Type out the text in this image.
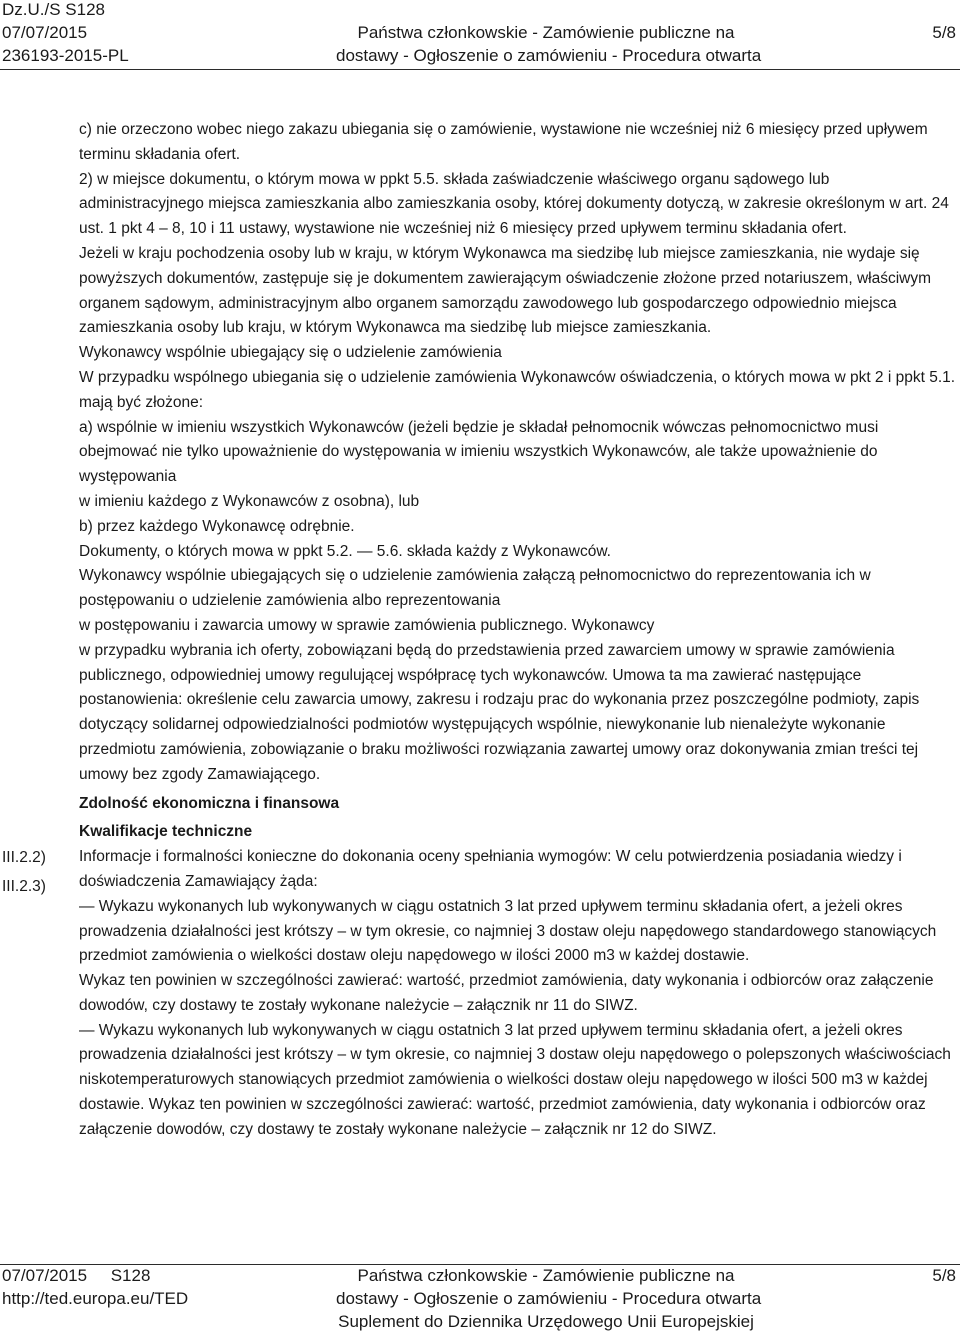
Dz.U./S S128
07/07/2015
236193-2015-PL
Państwa członkowskie - Zamówienie publiczne na
dostawy - Ogłoszenie o zamówieniu - Procedura otwarta
5/8
III.2.2)
III.2.3)

c) nie orzeczono wobec niego zakazu ubiegania się o zamówienie, wystawione nie wcześniej niż 6 miesięcy przed upływem terminu składania ofert.

2) w miejsce dokumentu, o którym mowa w ppkt 5.5. składa zaświadczenie właściwego organu sądowego lub administracyjnego miejsca zamieszkania albo zamieszkania osoby, której dokumenty dotyczą, w zakresie określonym w art. 24 ust. 1 pkt 4 – 8, 10 i 11 ustawy, wystawione nie wcześniej niż 6 miesięcy przed upływem terminu składania ofert.

Jeżeli w kraju pochodzenia osoby lub w kraju, w którym Wykonawca ma siedzibę lub miejsce zamieszkania, nie wydaje się powyższych dokumentów, zastępuje się je dokumentem zawierającym oświadczenie złożone przed notariuszem, właściwym organem sądowym, administracyjnym albo organem samorządu zawodowego lub gospodarczego odpowiednio miejsca zamieszkania osoby lub kraju, w którym Wykonawca ma siedzibę lub miejsce zamieszkania.

Wykonawcy wspólnie ubiegający się o udzielenie zamówienia

W przypadku wspólnego ubiegania się o udzielenie zamówienia Wykonawców oświadczenia, o których mowa w pkt 2 i ppkt 5.1. mają być złożone:

a) wspólnie w imieniu wszystkich Wykonawców (jeżeli będzie je składał pełnomocnik wówczas pełnomocnictwo musi obejmować nie tylko upoważnienie do występowania w imieniu wszystkich Wykonawców, ale także upoważnienie do występowania

w imieniu każdego z Wykonawców z osobna), lub

b) przez każdego Wykonawcę odrębnie.

Dokumenty, o których mowa w ppkt 5.2. — 5.6. składa każdy z Wykonawców.

Wykonawcy wspólnie ubiegających się o udzielenie zamówienia załączą pełnomocnictwo do reprezentowania ich w postępowaniu o udzielenie zamówienia albo reprezentowania

w postępowaniu i zawarcia umowy w sprawie zamówienia publicznego. Wykonawcy

w przypadku wybrania ich oferty, zobowiązani będą do przedstawienia przed zawarciem umowy w sprawie zamówienia publicznego, odpowiedniej umowy regulującej współpracę tych wykonawców. Umowa ta ma zawierać następujące postanowienia: określenie celu zawarcia umowy, zakresu i rodzaju prac do wykonania przez poszczególne podmioty, zapis dotyczący solidarnej odpowiedzialności podmiotów występujących wspólnie, niewykonanie lub nienależyte wykonanie przedmiotu zamówienia, zobowiązanie o braku możliwości rozwiązania zawartej umowy oraz dokonywania zmian treści tej umowy bez zgody Zamawiającego.

Zdolność ekonomiczna i finansowa
Kwalifikacje techniczne

Informacje i formalności konieczne do dokonania oceny spełniania wymogów: W celu potwierdzenia posiadania wiedzy i doświadczenia Zamawiający żąda:

— Wykazu wykonanych lub wykonywanych w ciągu ostatnich 3 lat przed upływem terminu składania ofert, a jeżeli okres prowadzenia działalności jest krótszy – w tym okresie, co najmniej 3 dostaw oleju napędowego standardowego stanowiących przedmiot zamówienia o wielkości dostaw oleju napędowego w ilości 2000 m3 w każdej dostawie.

Wykaz ten powinien w szczególności zawierać: wartość, przedmiot zamówienia, daty wykonania i odbiorców oraz załączenie dowodów, czy dostawy te zostały wykonane należycie – załącznik nr 11 do SIWZ.

— Wykazu wykonanych lub wykonywanych w ciągu ostatnich 3 lat przed upływem terminu składania ofert, a jeżeli okres prowadzenia działalności jest krótszy – w tym okresie, co najmniej 3 dostaw oleju napędowego o polepszonych właściwościach niskotemperaturowych stanowiących przedmiot zamówienia o wielkości dostaw oleju napędowego w ilości 500 m3 w każdej dostawie. Wykaz ten powinien w szczególności zawierać: wartość, przedmiot zamówienia, daty wykonania i odbiorców oraz załączenie dowodów, czy dostawy te zostały wykonane należycie – załącznik nr 12 do SIWZ.

07/07/2015     S128
http://ted.europa.eu/TED
Państwa członkowskie - Zamówienie publiczne na
dostawy - Ogłoszenie o zamówieniu - Procedura otwarta
Suplement do Dziennika Urzędowego Unii Europejskiej
5/8
